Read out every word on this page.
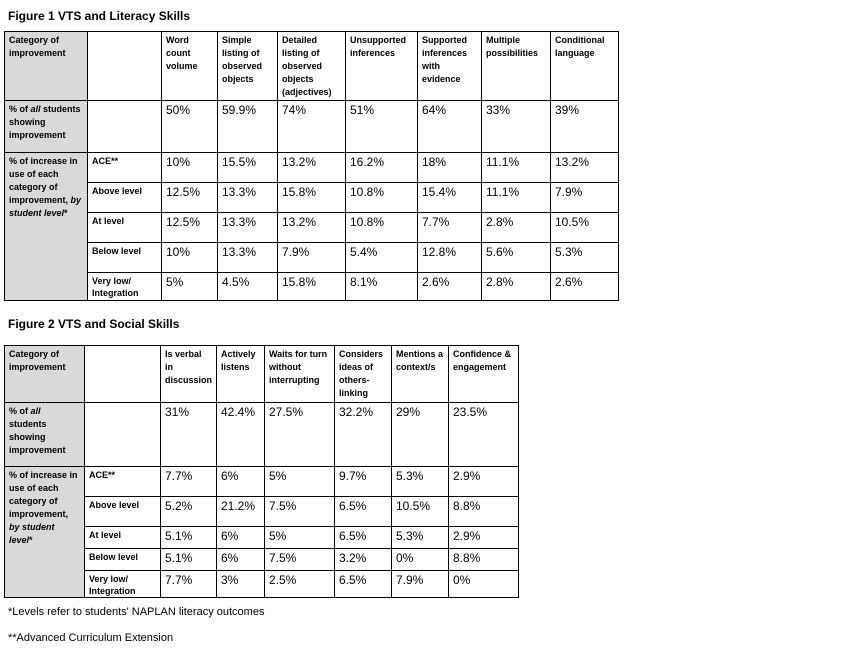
Figure 1 VTS and Literacy Skills
Category of improvement		Word count volume	Simple listing of observed objects	Detailed listing of observed objects (adjectives)	Unsupported inferences	Supported inferences with evidence	Multiple possibilities	Conditional language
% of all students showing improvement		50%	59.9%	74%	51%	64%	33%	39%
% of increase in use of each category of improvement, by student level*	ACE**	10%	15.5%	13.2%	16.2%	18%	11.1%	13.2%
	Above level	12.5%	13.3%	15.8%	10.8%	15.4%	11.1%	7.9%
	At level	12.5%	13.3%	13.2%	10.8%	7.7%	2.8%	10.5%
	Below level	10%	13.3%	7.9%	5.4%	12.8%	5.6%	5.3%
	Very low/ Integration	5%	4.5%	15.8%	8.1%	2.6%	2.8%	2.6%
Figure 2 VTS and Social Skills
Category of improvement		Is verbal in discussion	Actively listens	Waits for turn without interrupting	Considers ideas of others-linking	Mentions a context/s	Confidence & engagement
% of all students showing improvement		31%	42.4%	27.5%	32.2%	29%	23.5%
% of increase in use of each category of improvement, by student level*	ACE**	7.7%	6%	5%	9.7%	5.3%	2.9%
	Above level	5.2%	21.2%	7.5%	6.5%	10.5%	8.8%
	At level	5.1%	6%	5%	6.5%	5.3%	2.9%
	Below level	5.1%	6%	7.5%	3.2%	0%	8.8%
	Very low/ Integration	7.7%	3%	2.5%	6.5%	7.9%	0%
*Levels refer to students' NAPLAN literacy outcomes
**Advanced Curriculum Extension
